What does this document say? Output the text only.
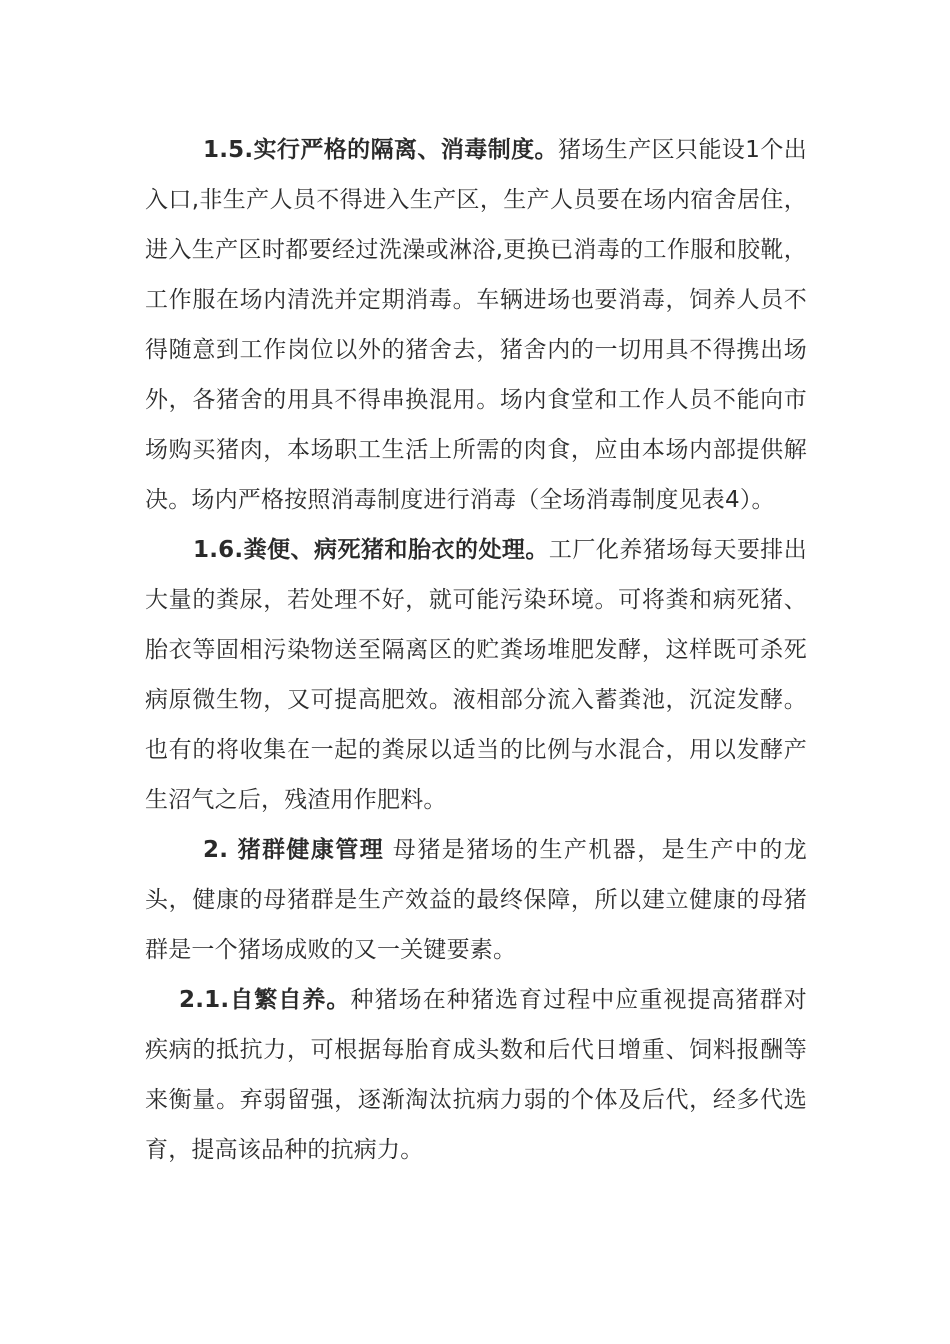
1.5.实行严格的隔离、消毒制度。猪场生产区只能设1个出入口,非生产人员不得进入生产区，生产人员要在场内宿舍居住，进入生产区时都要经过洗澡或淋浴,更换已消毒的工作服和胶靴，工作服在场内清洗并定期消毒。车辆进场也要消毒，饲养人员不得随意到工作岗位以外的猪舍去，猪舍内的一切用具不得携出场外，各猪舍的用具不得串换混用。场内食堂和工作人员不能向市场购买猪肉，本场职工生活上所需的肉食，应由本场内部提供解决。场内严格按照消毒制度进行消毒（全场消毒制度见表4）。

1.6.粪便、病死猪和胎衣的处理。工厂化养猪场每天要排出大量的粪尿，若处理不好，就可能污染环境。可将粪和病死猪、胎衣等固相污染物送至隔离区的贮粪场堆肥发酵，这样既可杀死病原微生物，又可提高肥效。液相部分流入蓄粪池，沉淀发酵。也有的将收集在一起的粪尿以适当的比例与水混合，用以发酵产生沼气之后，残渣用作肥料。

2. 猪群健康管理 母猪是猪场的生产机器，是生产中的龙头，健康的母猪群是生产效益的最终保障，所以建立健康的母猪群是一个猪场成败的又一关键要素。

2.1.自繁自养。种猪场在种猪选育过程中应重视提高猪群对疾病的抵抗力，可根据每胎育成头数和后代日增重、饲料报酬等来衡量。弃弱留强，逐渐淘汰抗病力弱的个体及后代，经多代选育，提高该品种的抗病力。
